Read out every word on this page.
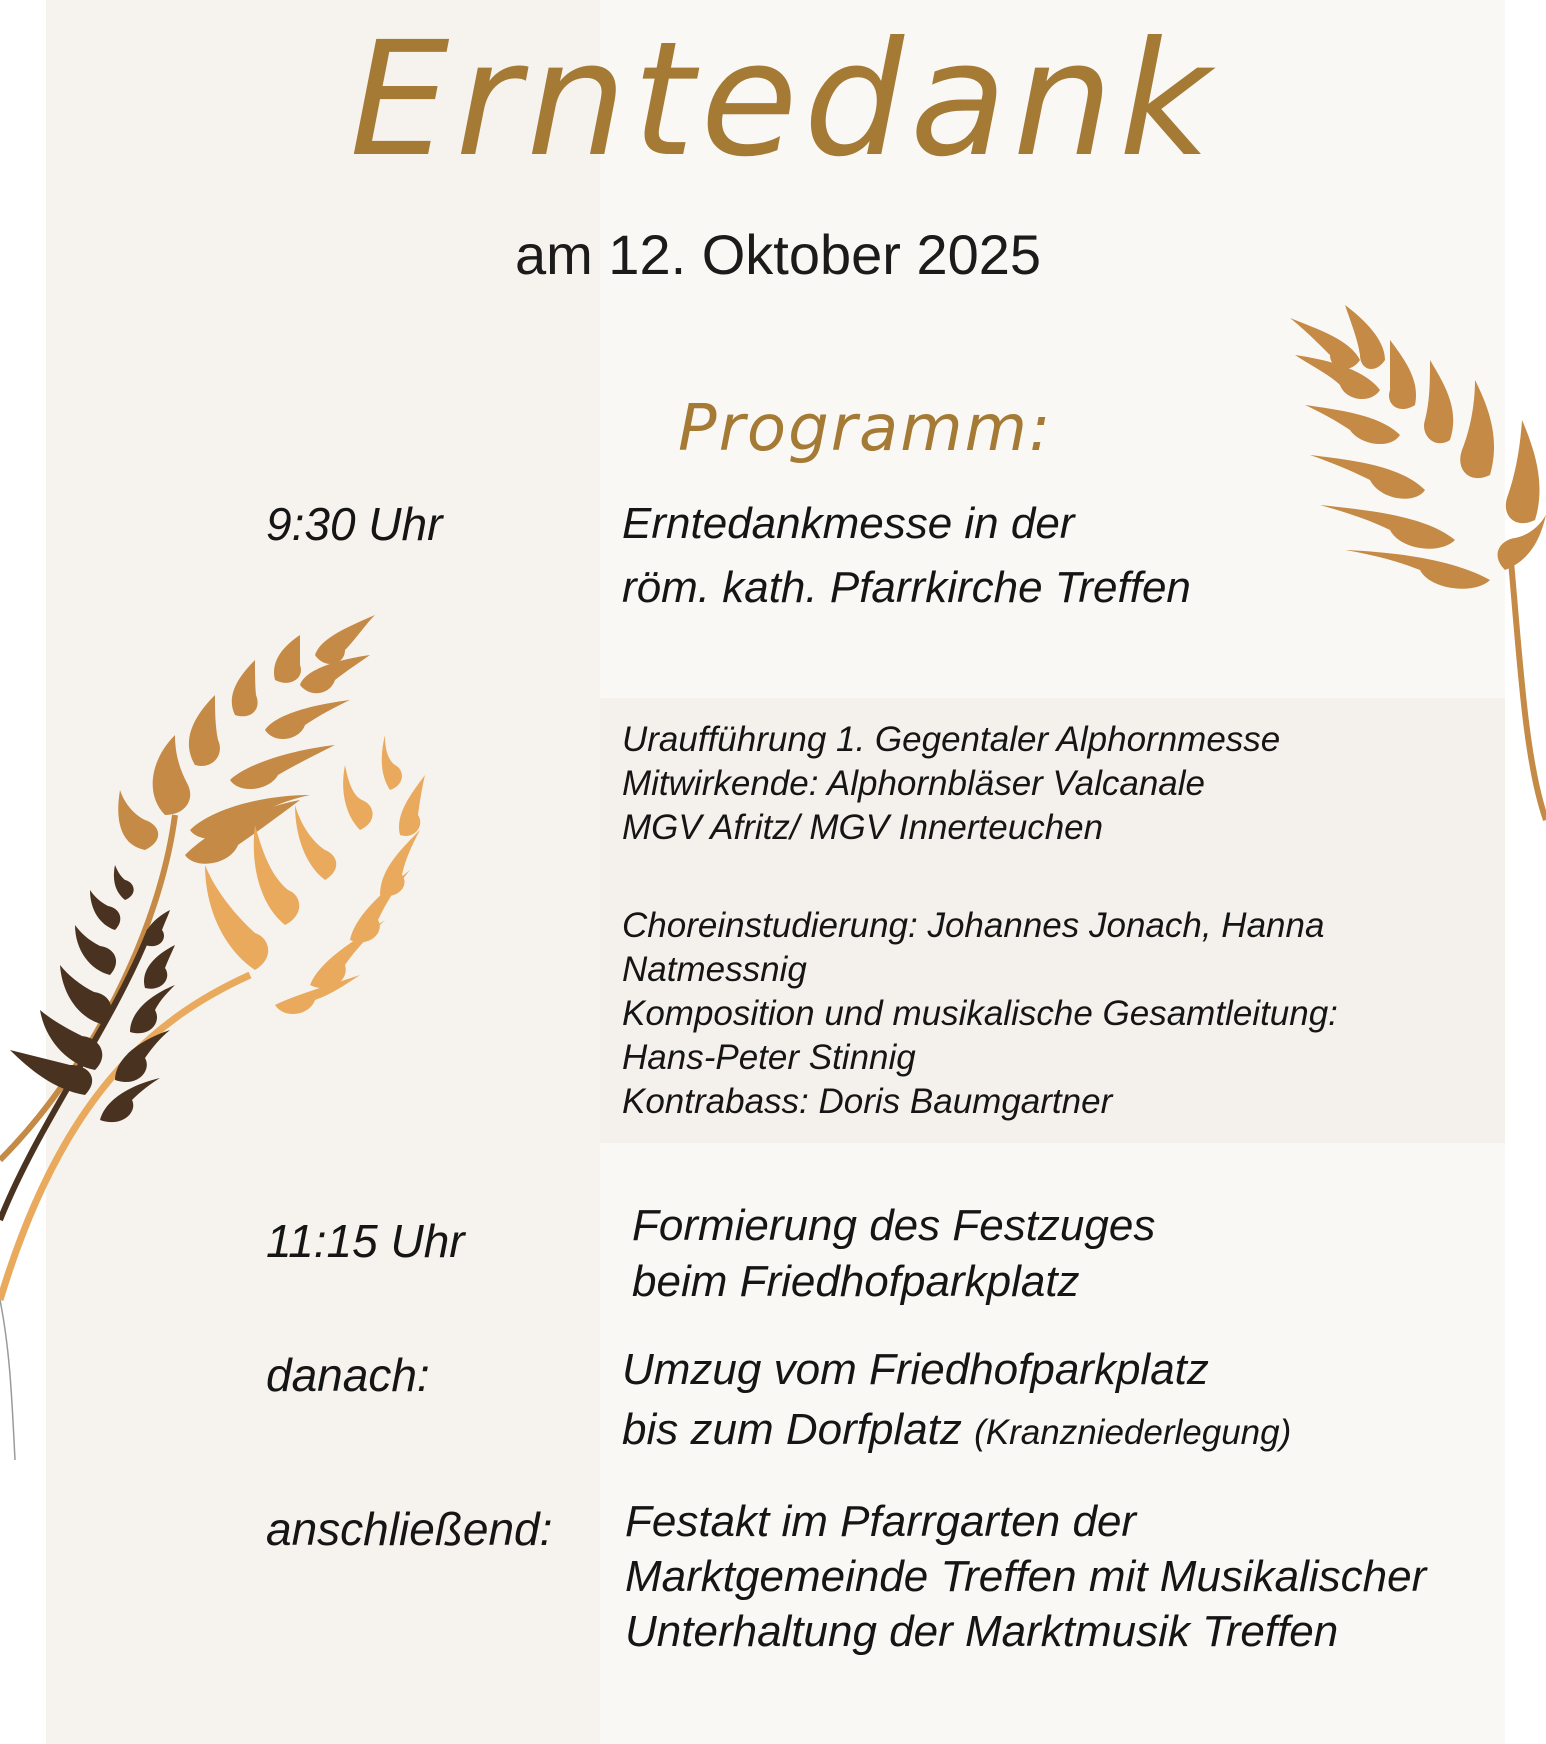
Erntedank
am 12. Oktober 2025
Programm:
9:30 Uhr	Erntedankmesse in der
röm. kath. Pfarrkirche Treffen
Uraufführung 1. Gegentaler Alphornmesse
Mitwirkende: Alphornbläser Valcanale
MGV Afritz/ MGV Innerteuchen
Choreinstudierung: Johannes Jonach, Hanna
Natmessnig
Komposition und musikalische Gesamtleitung:
Hans-Peter Stinnig
Kontrabass: Doris Baumgartner
11:15 Uhr	Formierung des Festzuges
beim Friedhofparkplatz
danach:	Umzug vom Friedhofparkplatz
bis zum Dorfplatz (Kranzniederlegung)
anschließend: Festakt im Pfarrgarten der
Marktgemeinde Treffen mit Musikalischer
Unterhaltung der Marktmusik Treffen
